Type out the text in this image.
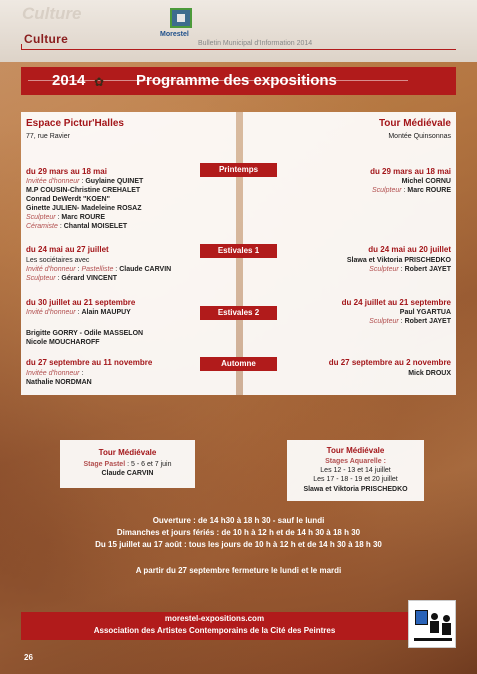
Culture
Culture	Morestel
Bulletin Municipal d'Information 2014
✿
2014	Programme des expositions
Espace Pictur'Halles
77, rue Ravier
du 29 mars au 18 mai
Invitée d'honneur : Guylaine QUINET
M.P COUSIN-Christine CREHALET
Conrad DeWerdt "KOEN"
Ginette JULIEN- Madeleine ROSAZ
Sculpteur : Marc ROURE
Céramiste : Chantal MOISELET
du 24 mai au 27 juillet
Les sociétaires avec
Invité d'honneur : Pastelliste : Claude CARVIN
Sculpteur : Gérard VINCENT
du 30 juillet au 21 septembre
Invité d'honneur : Alain MAUPUY
Brigitte GORRY - Odile MASSELON
Nicole MOUCHAROFF
du 27 septembre au 11 novembre
Invitée d'honneur :
Nathalie NORDMAN
Tour Médiévale
Montée Quinsonnas
du 29 mars au 18 mai
Michel CORNU
Sculpteur : Marc ROURE
du 24 mai au 20 juillet
Slawa et Viktoria PRISCHEDKO
Sculpteur : Robert JAYET
du 24 juillet au 21 septembre
Paul YGARTUA
Sculpteur : Robert JAYET
du 27 septembre au 2 novembre
Mick DROUX
Printemps
Estivales 1
Estivales 2
Automne
Tour Médiévale
Stage Pastel : 5 - 6 et 7 juin
Claude CARVIN
Tour Médiévale
Stages Aquarelle :
Les 12 - 13 et 14 juillet
Les 17 - 18 - 19 et 20 juillet
Slawa et Viktoria PRISCHEDKO
Ouverture : de 14 h30 à 18 h 30 - sauf le lundi
Dimanches et jours fériés : de 10 h à 12 h et de 14 h 30 à 18 h 30
Du 15 juillet au 17 août : tous les jours de 10 h à 12 h et de 14 h 30 à 18 h 30
A partir du 27 septembre fermeture le lundi et le mardi
morestel-expositions.com
Association des Artistes Contemporains de la Cité des Peintres
26
